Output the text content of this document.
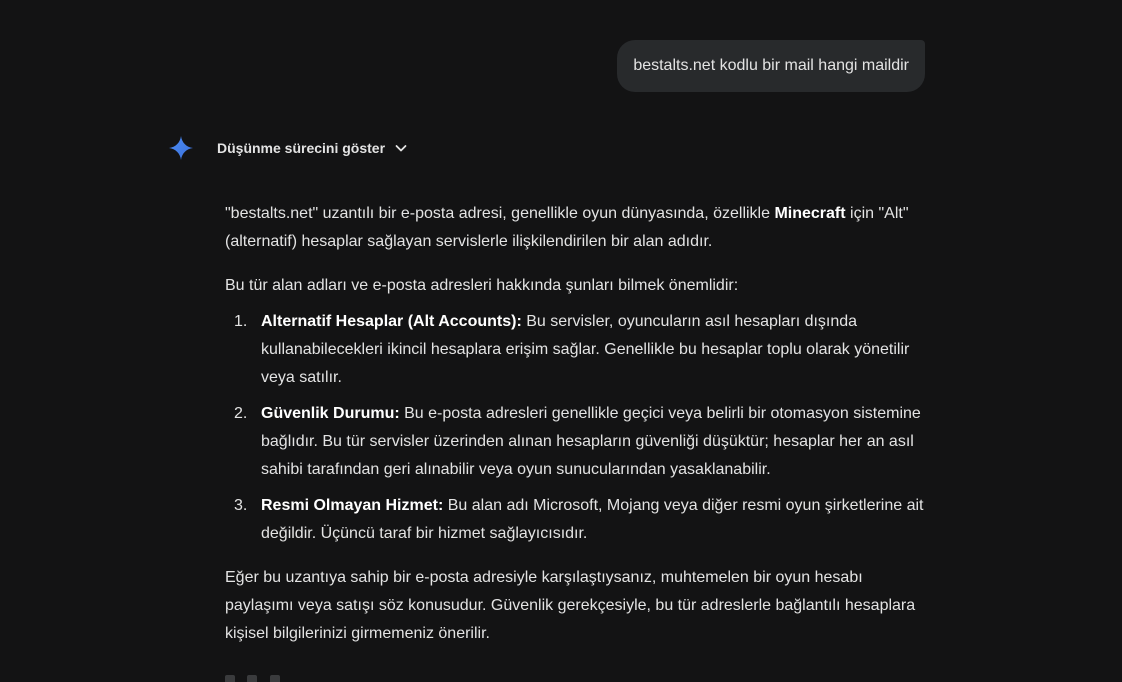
bestalts.net kodlu bir mail hangi maildir
Düşünme sürecini göster

"bestalts.net" uzantılı bir e-posta adresi, genellikle oyun dünyasında, özellikle Minecraft için "Alt" (alternatif) hesaplar sağlayan servislerle ilişkilendirilen bir alan adıdır.

Bu tür alan adları ve e-posta adresleri hakkında şunları bilmek önemlidir:

1. Alternatif Hesaplar (Alt Accounts): Bu servisler, oyuncuların asıl hesapları dışında kullanabilecekleri ikincil hesaplara erişim sağlar. Genellikle bu hesaplar toplu olarak yönetilir veya satılır.
2. Güvenlik Durumu: Bu e-posta adresleri genellikle geçici veya belirli bir otomasyon sistemine bağlıdır. Bu tür servisler üzerinden alınan hesapların güvenliği düşüktür; hesaplar her an asıl sahibi tarafından geri alınabilir veya oyun sunucularından yasaklanabilir.
3. Resmi Olmayan Hizmet: Bu alan adı Microsoft, Mojang veya diğer resmi oyun şirketlerine ait değildir. Üçüncü taraf bir hizmet sağlayıcısıdır.

Eğer bu uzantıya sahip bir e-posta adresiyle karşılaştıysanız, muhtemelen bir oyun hesabı paylaşımı veya satışı söz konusudur. Güvenlik gerekçesiyle, bu tür adreslerle bağlantılı hesaplara kişisel bilgilerinizi girmemeniz önerilir.
